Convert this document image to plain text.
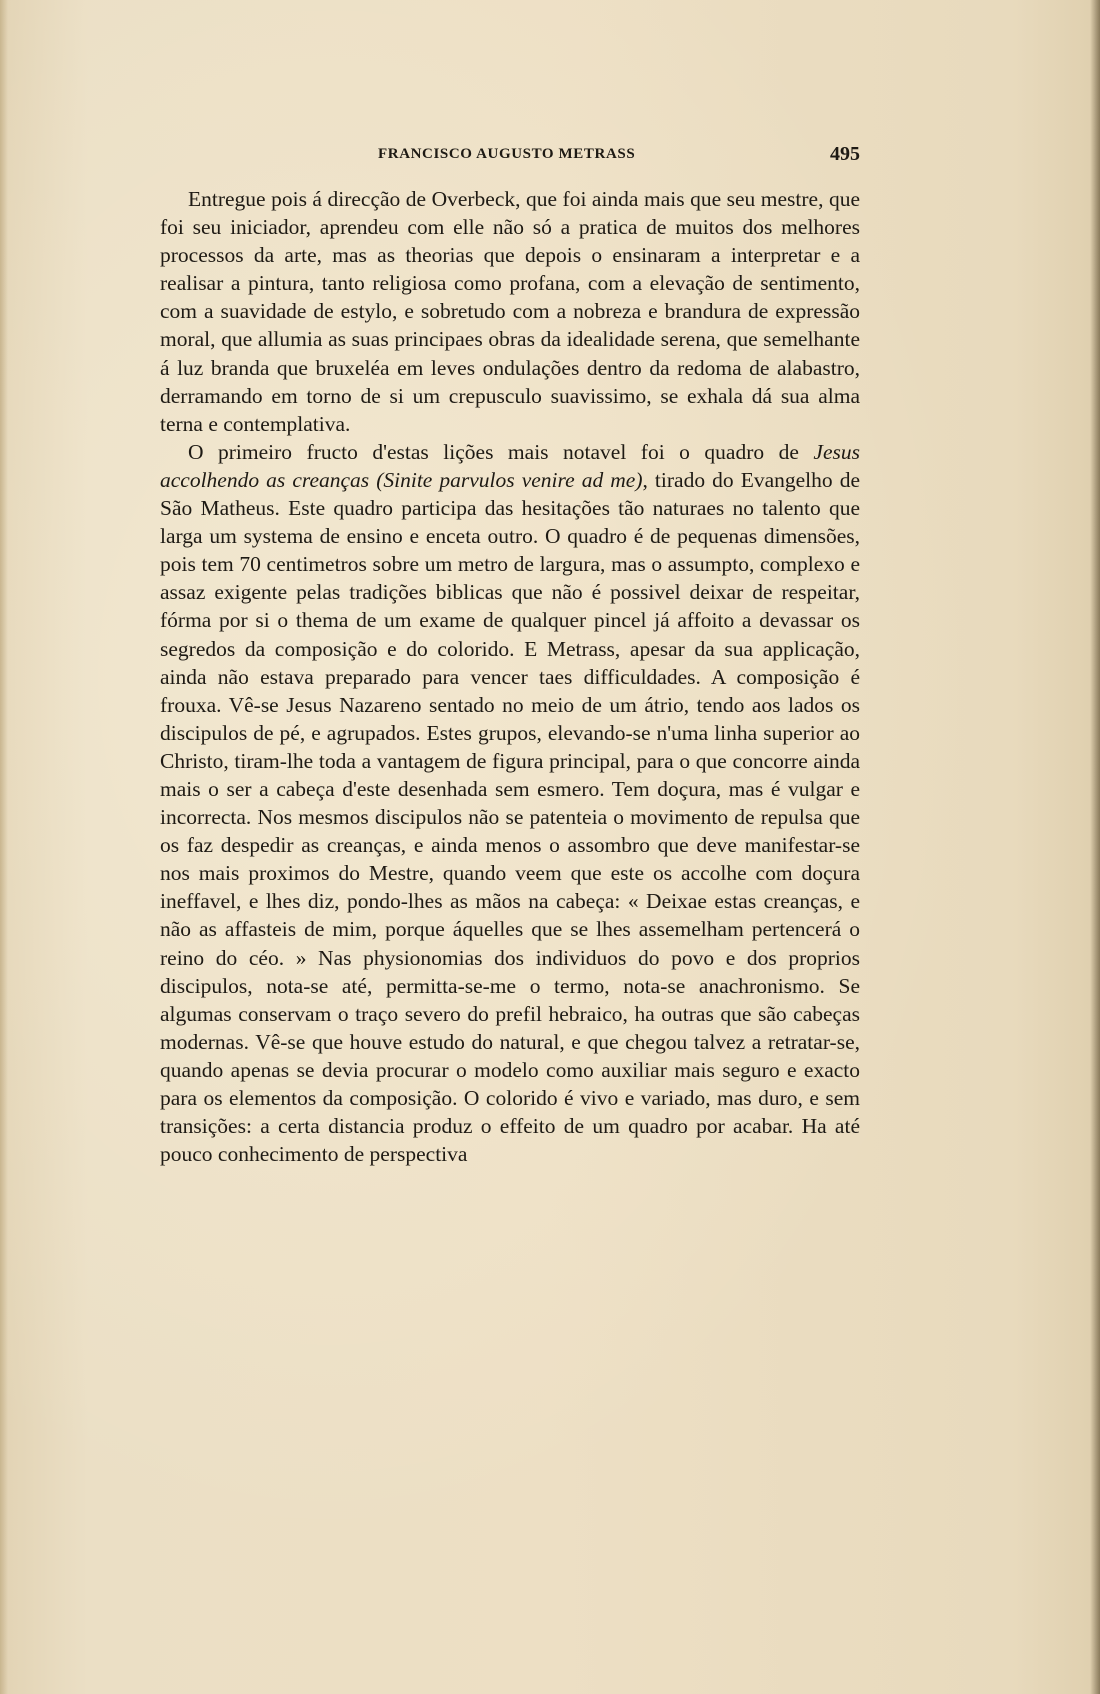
FRANCISCO AUGUSTO METRASS	495

Entregue pois á direcção de Overbeck, que foi ainda mais que seu mestre, que foi seu iniciador, aprendeu com elle não só a pratica de muitos dos melhores processos da arte, mas as theorias que depois o ensinaram a interpretar e a realisar a pintura, tanto religiosa como profana, com a elevação de sentimento, com a suavidade de estylo, e sobretudo com a nobreza e brandura de expressão moral, que allumia as suas principaes obras da idealidade serena, que semelhante á luz branda que bruxeléa em leves ondulações dentro da redoma de alabastro, derramando em torno de si um crepusculo suavissimo, se exhala dá sua alma terna e contemplativa.

O primeiro fructo d'estas lições mais notavel foi o quadro de Jesus accolhendo as creanças (Sinite parvulos venire ad me), tirado do Evangelho de São Matheus. Este quadro participa das hesitações tão naturaes no talento que larga um systema de ensino e enceta outro. O quadro é de pequenas dimensões, pois tem 70 centimetros sobre um metro de largura, mas o assumpto, complexo e assaz exigente pelas tradições biblicas que não é possivel deixar de respeitar, fórma por si o thema de um exame de qualquer pincel já affoito a devassar os segredos da composição e do colorido. E Metrass, apesar da sua applicação, ainda não estava preparado para vencer taes difficuldades. A composição é frouxa. Vê-se Jesus Nazareno sentado no meio de um átrio, tendo aos lados os discipulos de pé, e agrupados. Estes grupos, elevando-se n'uma linha superior ao Christo, tiram-lhe toda a vantagem de figura principal, para o que concorre ainda mais o ser a cabeça d'este desenhada sem esmero. Tem doçura, mas é vulgar e incorrecta. Nos mesmos discipulos não se patenteia o movimento de repulsa que os faz despedir as creanças, e ainda menos o assombro que deve manifestar-se nos mais proximos do Mestre, quando veem que este os accolhe com doçura ineffavel, e lhes diz, pondo-lhes as mãos na cabeça: « Deixae estas creanças, e não as affasteis de mim, porque áquelles que se lhes assemelham pertencerá o reino do céo. » Nas physionomias dos individuos do povo e dos proprios discipulos, nota-se até, permitta-se-me o termo, nota-se anachronismo. Se algumas conservam o traço severo do prefil hebraico, ha outras que são cabeças modernas. Vê-se que houve estudo do natural, e que chegou talvez a retratar-se, quando apenas se devia procurar o modelo como auxiliar mais seguro e exacto para os elementos da composição. O colorido é vivo e variado, mas duro, e sem transições: a certa distancia produz o effeito de um quadro por acabar. Ha até pouco conhecimento de perspectiva
